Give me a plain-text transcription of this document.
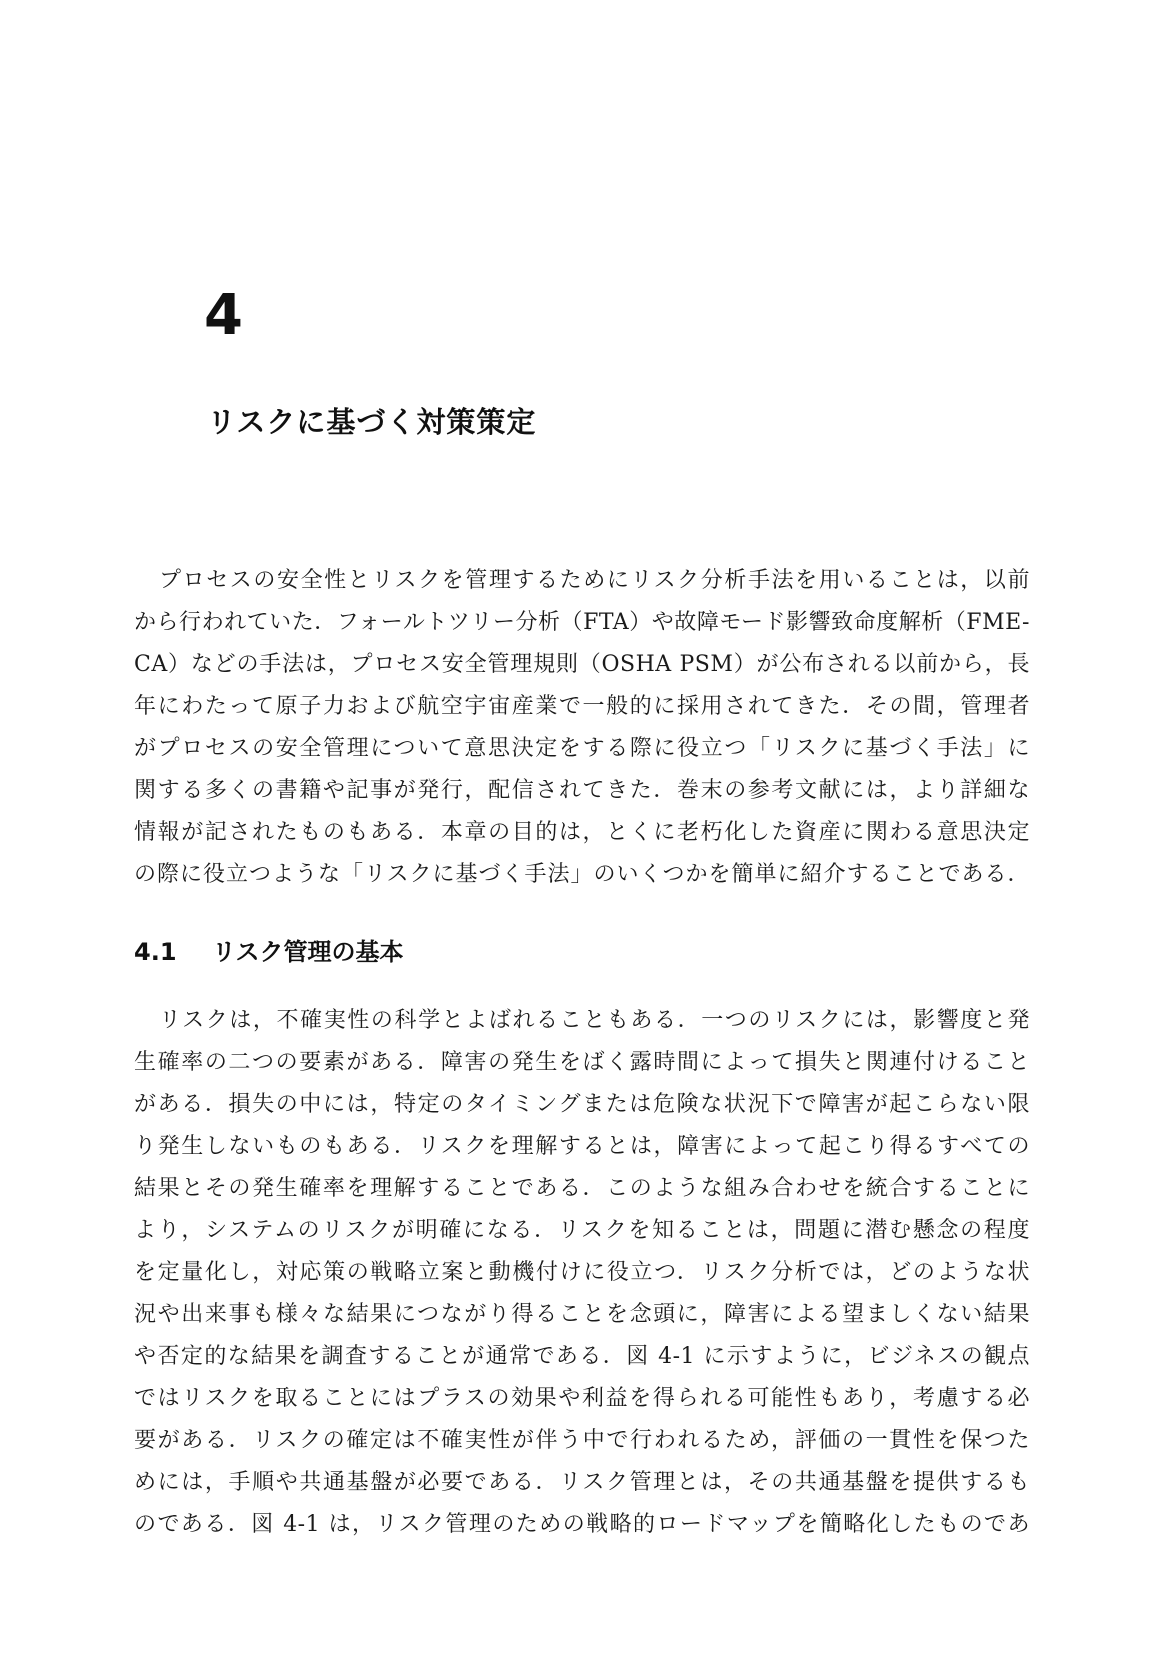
4
リスクに基づく対策策定
プロセスの安全性とリスクを管理するためにリスク分析手法を用いることは，以前
から行われていた．フォールトツリー分析（FTA）や故障モード影響致命度解析（FME-
CA）などの手法は，プロセス安全管理規則（OSHA PSM）が公布される以前から，長
年にわたって原子力および航空宇宙産業で一般的に採用されてきた．その間，管理者
がプロセスの安全管理について意思決定をする際に役立つ「リスクに基づく手法」に
関する多くの書籍や記事が発行，配信されてきた．巻末の参考文献には，より詳細な
情報が記されたものもある．本章の目的は，とくに老朽化した資産に関わる意思決定
の際に役立つような「リスクに基づく手法」のいくつかを簡単に紹介することである．
4.1 リスク管理の基本
リスクは，不確実性の科学とよばれることもある．一つのリスクには，影響度と発
生確率の二つの要素がある．障害の発生をばく露時間によって損失と関連付けること
がある．損失の中には，特定のタイミングまたは危険な状況下で障害が起こらない限
り発生しないものもある．リスクを理解するとは，障害によって起こり得るすべての
結果とその発生確率を理解することである．このような組み合わせを統合することに
より，システムのリスクが明確になる．リスクを知ることは，問題に潜む懸念の程度
を定量化し，対応策の戦略立案と動機付けに役立つ．リスク分析では，どのような状
況や出来事も様々な結果につながり得ることを念頭に，障害による望ましくない結果
や否定的な結果を調査することが通常である．図 4-1 に示すように，ビジネスの観点
ではリスクを取ることにはプラスの効果や利益を得られる可能性もあり，考慮する必
要がある．リスクの確定は不確実性が伴う中で行われるため，評価の一貫性を保つた
めには，手順や共通基盤が必要である．リスク管理とは，その共通基盤を提供するも
のである．図 4-1 は，リスク管理のための戦略的ロードマップを簡略化したものであ
